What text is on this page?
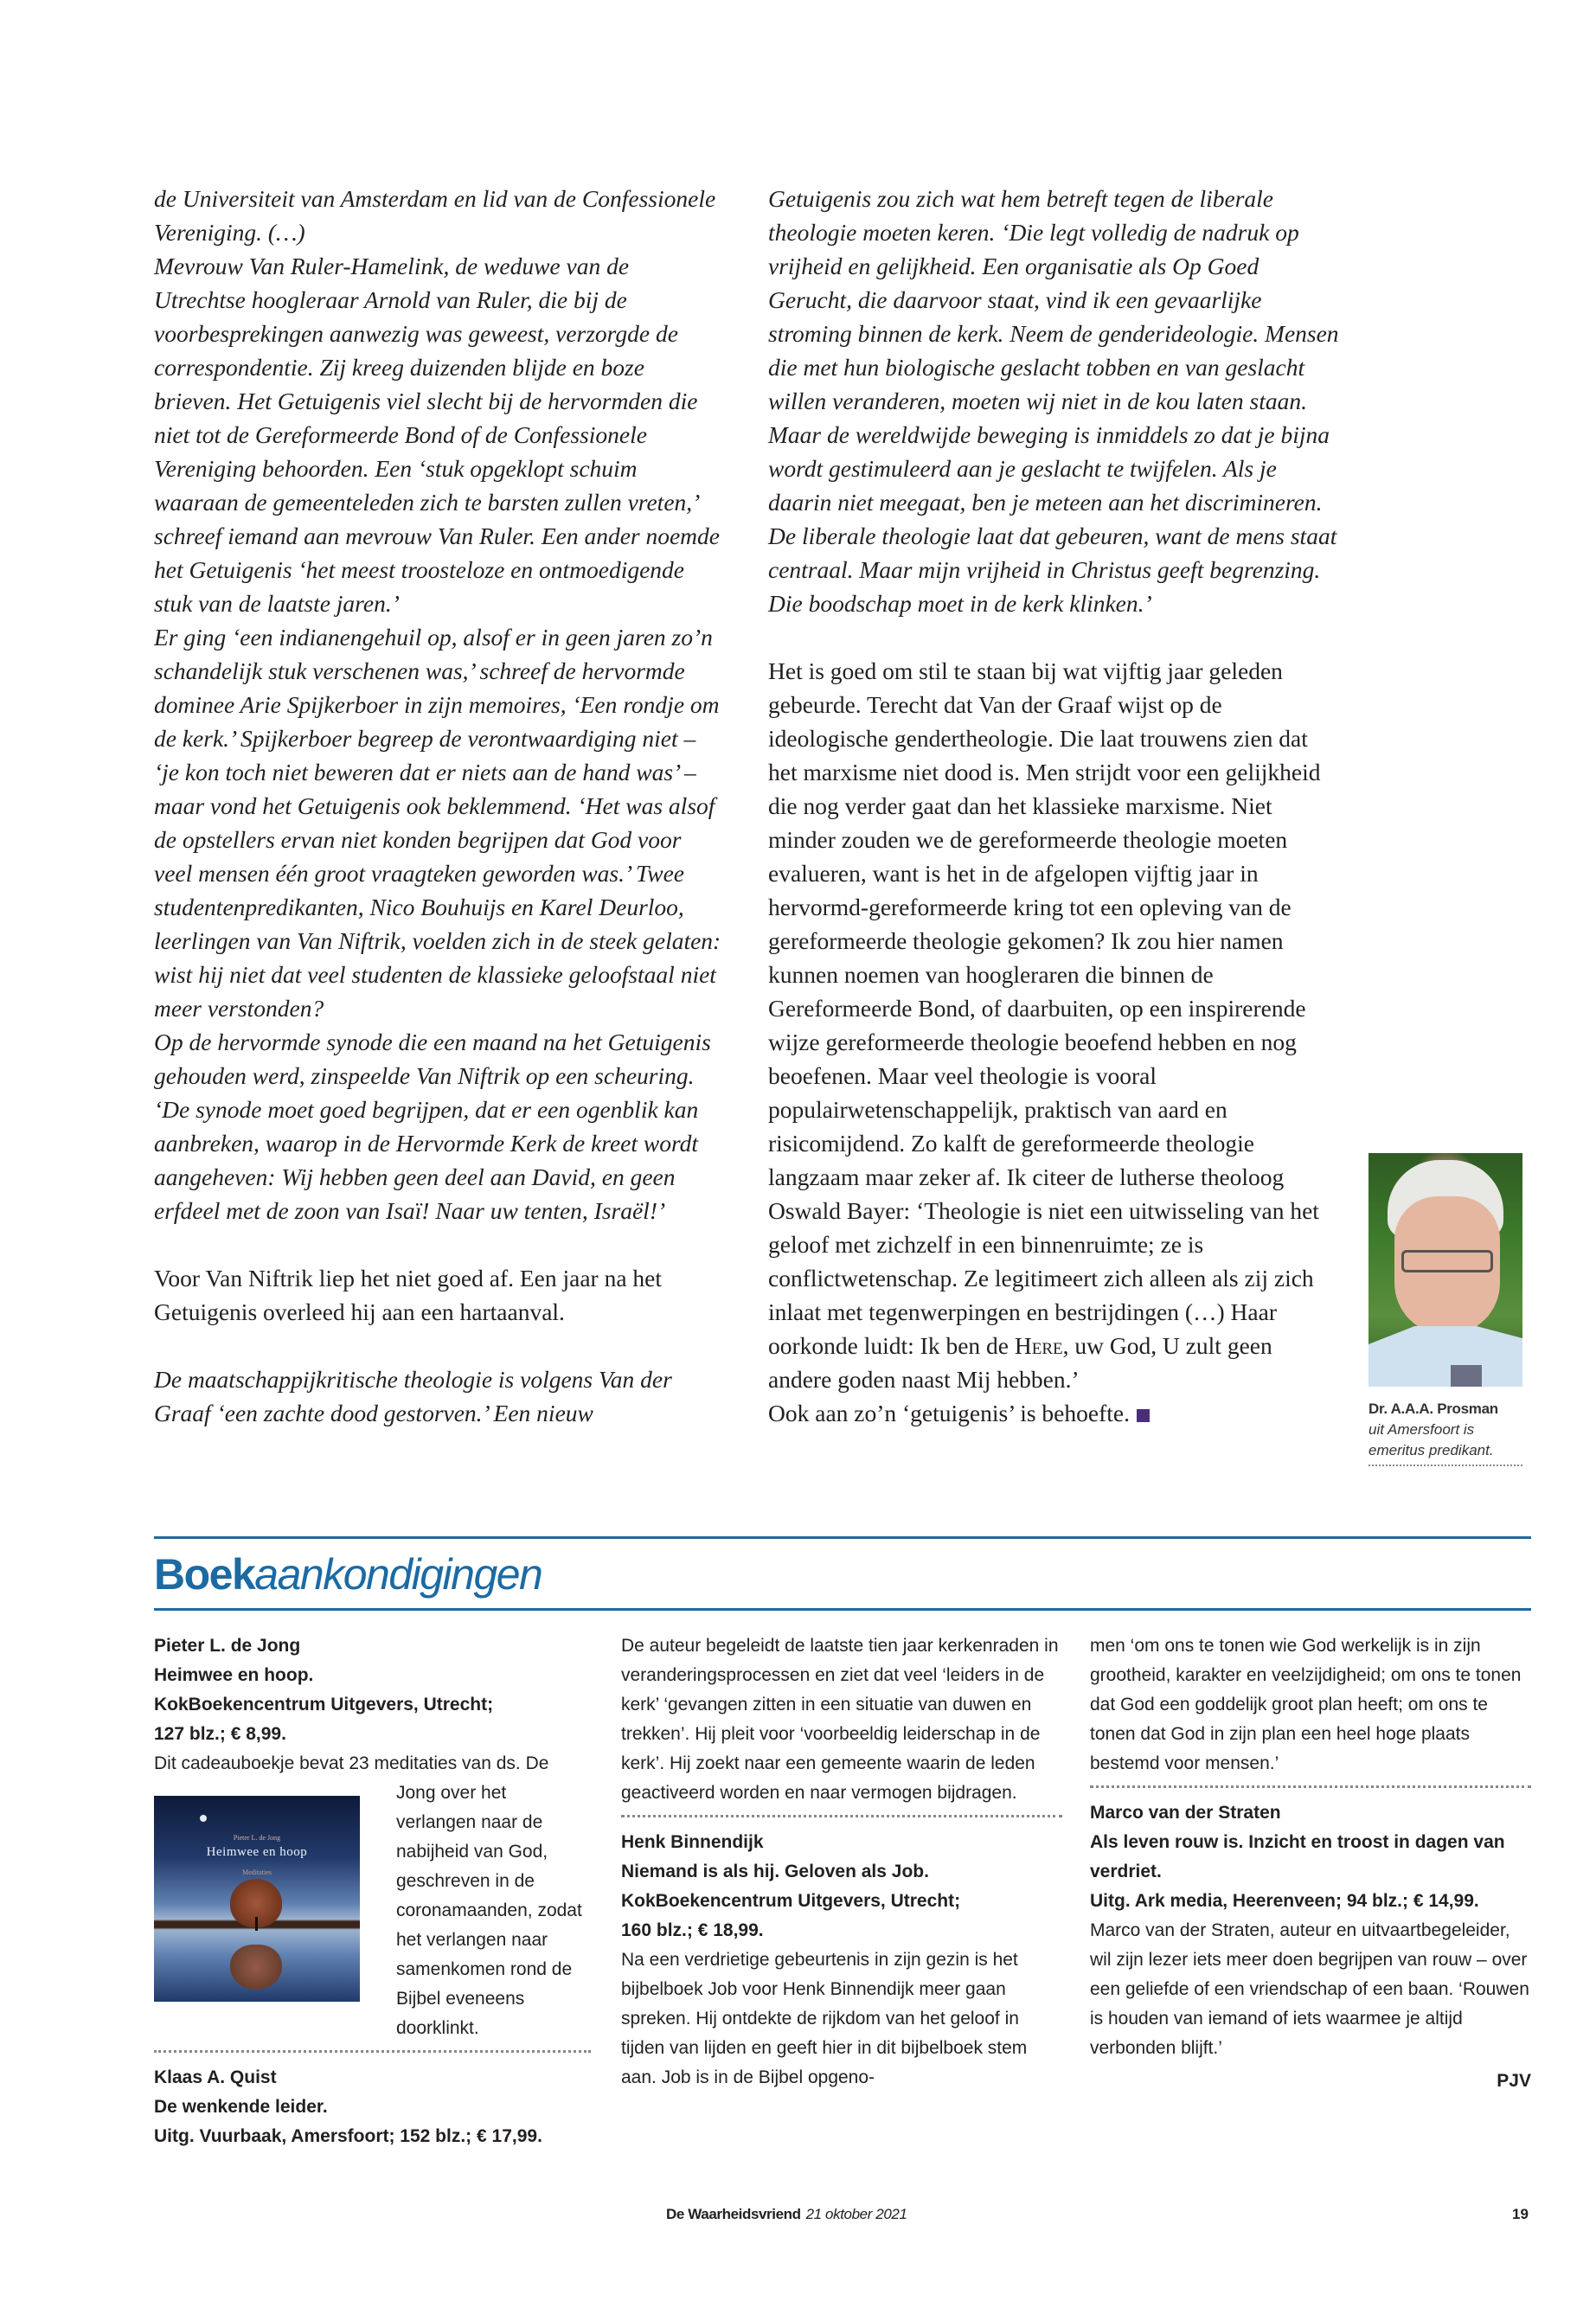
de Universiteit van Amsterdam en lid van de Confessionele Vereniging. (…)

Mevrouw Van Ruler-Hamelink, de weduwe van de Utrechtse hoogleraar Arnold van Ruler, die bij de voorbesprekingen aanwezig was geweest, verzorgde de correspondentie. Zij kreeg duizenden blijde en boze brieven. Het Getuigenis viel slecht bij de hervormden die niet tot de Gereformeerde Bond of de Confessionele Vereniging behoorden. Een ‘stuk opgeklopt schuim waaraan de gemeenteleden zich te barsten zullen vreten,’ schreef iemand aan mevrouw Van Ruler. Een ander noemde het Getuigenis ‘het meest troosteloze en ontmoedigende stuk van de laatste jaren.’

Er ging ‘een indianengehuil op, alsof er in geen jaren zo’n schandelijk stuk verschenen was,’ schreef de hervormde dominee Arie Spijkerboer in zijn memoires, ‘Een rondje om de kerk.’ Spijkerboer begreep de verontwaardiging niet – ‘je kon toch niet beweren dat er niets aan de hand was’ – maar vond het Getuigenis ook beklemmend. ‘Het was alsof de opstellers ervan niet konden begrijpen dat God voor veel mensen één groot vraagteken geworden was.’ Twee studentenpredikanten, Nico Bouhuijs en Karel Deurloo, leerlingen van Van Niftrik, voelden zich in de steek gelaten: wist hij niet dat veel studenten de klassieke geloofstaal niet meer verstonden?

Op de hervormde synode die een maand na het Getuigenis gehouden werd, zinspeelde Van Niftrik op een scheuring. ‘De synode moet goed begrijpen, dat er een ogenblik kan aanbreken, waarop in de Hervormde Kerk de kreet wordt aangeheven: Wij hebben geen deel aan David, en geen erfdeel met de zoon van Isaï! Naar uw tenten, Israël!’

Voor Van Niftrik liep het niet goed af. Een jaar na het Getuigenis overleed hij aan een hartaanval.

De maatschappijkritische theologie is volgens Van der Graaf ‘een zachte dood gestorven.’ Een nieuw

Getuigenis zou zich wat hem betreft tegen de liberale theologie moeten keren. ‘Die legt volledig de nadruk op vrijheid en gelijkheid. Een organisatie als Op Goed Gerucht, die daarvoor staat, vind ik een gevaarlijke stroming binnen de kerk. Neem de genderideologie. Mensen die met hun biologische geslacht tobben en van geslacht willen veranderen, moeten wij niet in de kou laten staan. Maar de wereldwijde beweging is inmiddels zo dat je bijna wordt gestimuleerd aan je geslacht te twijfelen. Als je daarin niet meegaat, ben je meteen aan het discrimineren. De liberale theologie laat dat gebeuren, want de mens staat centraal. Maar mijn vrijheid in Christus geeft begrenzing. Die boodschap moet in de kerk klinken.’

Het is goed om stil te staan bij wat vijftig jaar geleden gebeurde. Terecht dat Van der Graaf wijst op de ideologische gendertheologie. Die laat trouwens zien dat het marxisme niet dood is. Men strijdt voor een gelijkheid die nog verder gaat dan het klassieke marxisme. Niet minder zouden we de gereformeerde theologie moeten evalueren, want is het in de afgelopen vijftig jaar in hervormd-gereformeerde kring tot een opleving van de gereformeerde theologie gekomen? Ik zou hier namen kunnen noemen van hoogleraren die binnen de Gereformeerde Bond, of daarbuiten, op een inspirerende wijze gereformeerde theologie beoefend hebben en nog beoefenen. Maar veel theologie is vooral populairwetenschappelijk, praktisch van aard en risicomijdend. Zo kalft de gereformeerde theologie langzaam maar zeker af. Ik citeer de lutherse theoloog Oswald Bayer: ‘Theologie is niet een uitwisseling van het geloof met zichzelf in een binnenruimte; ze is conflictwetenschap. Ze legitimeert zich alleen als zij zich inlaat met tegenwerpingen en bestrijdingen (…) Haar oorkonde luidt: Ik ben de Here, uw God, U zult geen andere goden naast Mij hebben.’

Ook aan zo’n ‘getuigenis’ is behoefte.	Dr. A.A.A. Prosman
uit Amersfoort is emeritus predikant.
Boekaankondigingen
Pieter L. de Jong
Heimwee en hoop.
KokBoekencentrum Uitgevers, Utrecht;
127 blz.; € 8,99.
Dit cadeauboekje bevat 23 meditaties van ds. De
Pieter L. de Jong
Heimwee en hoop
Meditaties
Jong over het verlangen naar de nabijheid van God, geschreven in de coronamaanden, zodat het verlangen naar samenkomen rond de Bijbel eveneens doorklinkt.
Klaas A. Quist
De wenkende leider.
Uitg. Vuurbaak, Amersfoort; 152 blz.; € 17,99.
De auteur begeleidt de laatste tien jaar kerkenraden in veranderingsprocessen en ziet dat veel ‘leiders in de kerk’ ‘gevangen zitten in een situatie van duwen en trekken’. Hij pleit voor ‘voorbeeldig leiderschap in de kerk’. Hij zoekt naar een gemeente waarin de leden geactiveerd worden en naar vermogen bijdragen.
Henk Binnendijk
Niemand is als hij. Geloven als Job.
KokBoekencentrum Uitgevers, Utrecht;
160 blz.; € 18,99.
Na een verdrietige gebeurtenis in zijn gezin is het bijbelboek Job voor Henk Binnendijk meer gaan spreken. Hij ontdekte de rijkdom van het geloof in tijden van lijden en geeft hier in dit bijbelboek stem aan. Job is in de Bijbel opgeno-
men ‘om ons te tonen wie God werkelijk is in zijn grootheid, karakter en veelzijdigheid; om ons te tonen dat God een goddelijk groot plan heeft; om ons te tonen dat God in zijn plan een heel hoge plaats bestemd voor mensen.’
Marco van der Straten
Als leven rouw is. Inzicht en troost in dagen van verdriet.
Uitg. Ark media, Heerenveen; 94 blz.; € 14,99.
Marco van der Straten, auteur en uitvaartbegeleider, wil zijn lezer iets meer doen begrijpen van rouw – over een geliefde of een vriendschap of een baan. ‘Rouwen is houden van iemand of iets waarmee je altijd verbonden blijft.’
PJV
De Waarheidsvriend 21 oktober 2021	19
